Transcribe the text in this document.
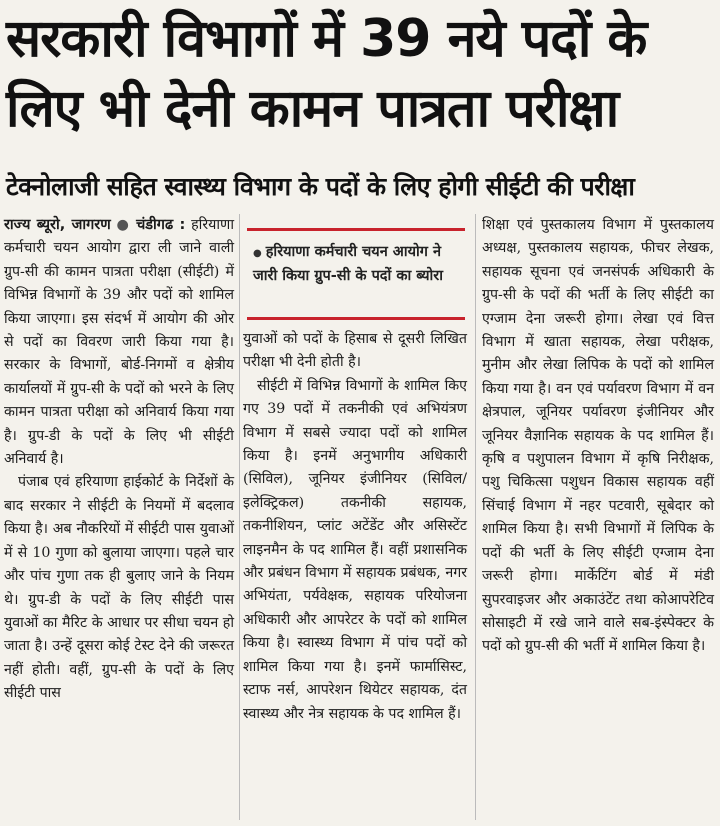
सरकारी विभागों में 39 नये पदों के लिए भी देनी कामन पात्रता परीक्षा
टेक्नोलाजी सहित स्वास्थ्य विभाग के पदों के लिए होगी सीईटी की परीक्षा

राज्य ब्यूरो, जागरण ● चंडीगढ : हरियाणा कर्मचारी चयन आयोग द्वारा ली जाने वाली ग्रुप-सी की कामन पात्रता परीक्षा (सीईटी) में विभिन्न विभागों के 39 और पदों को शामिल किया जाएगा। इस संदर्भ में आयोग की ओर से पदों का विवरण जारी किया गया है। सरकार के विभागों, बोर्ड-निगमों व क्षेत्रीय कार्यालयों में ग्रुप-सी के पदों को भरने के लिए कामन पात्रता परीक्षा को अनिवार्य किया गया है। ग्रुप-डी के पदों के लिए भी सीईटी अनिवार्य है।

पंजाब एवं हरियाणा हाईकोर्ट के निर्देशों के बाद सरकार ने सीईटी के नियमों में बदलाव किया है। अब नौकरियों में सीईटी पास युवाओं में से 10 गुणा को बुलाया जाएगा। पहले चार और पांच गुणा तक ही बुलाए जाने के नियम थे। ग्रुप-डी के पदों के लिए सीईटी पास युवाओं का मैरिट के आधार पर सीधा चयन हो जाता है। उन्हें दूसरा कोई टेस्ट देने की जरूरत नहीं होती। वहीं, ग्रुप-सी के पदों के लिए सीईटी पास

● हरियाणा कर्मचारी चयन आयोग ने जारी किया ग्रुप-सी के पदों का ब्योरा

युवाओं को पदों के हिसाब से दूसरी लिखित परीक्षा भी देनी होती है।

सीईटी में विभिन्न विभागों के शामिल किए गए 39 पदों में तकनीकी एवं अभियंत्रण विभाग में सबसे ज्यादा पदों को शामिल किया है। इनमें अनुभागीय अधिकारी (सिविल), जूनियर इंजीनियर (सिविल/इलेक्ट्रिकल) तकनीकी सहायक, तकनीशियन, प्लांट अटेंडेंट और असिस्टेंट लाइनमैन के पद शामिल हैं। वहीं प्रशासनिक और प्रबंधन विभाग में सहायक प्रबंधक, नगर अभियंता, पर्यवेक्षक, सहायक परियोजना अधिकारी और आपरेटर के पदों को शामिल किया है। स्वास्थ्य विभाग में पांच पदों को शामिल किया गया है। इनमें फार्मासिस्ट, स्टाफ नर्स, आपरेशन थियेटर सहायक, दंत स्वास्थ्य और नेत्र सहायक के पद शामिल हैं।

शिक्षा एवं पुस्तकालय विभाग में पुस्तकालय अध्यक्ष, पुस्तकालय सहायक, फीचर लेखक, सहायक सूचना एवं जनसंपर्क अधिकारी के ग्रुप-सी के पदों की भर्ती के लिए सीईटी का एग्जाम देना जरूरी होगा। लेखा एवं वित्त विभाग में खाता सहायक, लेखा परीक्षक, मुनीम और लेखा लिपिक के पदों को शामिल किया गया है। वन एवं पर्यावरण विभाग में वन क्षेत्रपाल, जूनियर पर्यावरण इंजीनियर और जूनियर वैज्ञानिक सहायक के पद शामिल हैं। कृषि व पशुपालन विभाग में कृषि निरीक्षक, पशु चिकित्सा पशुधन विकास सहायक वहीं सिंचाई विभाग में नहर पटवारी, सूबेदार को शामिल किया है। सभी विभागों में लिपिक के पदों की भर्ती के लिए सीईटी एग्जाम देना जरूरी होगा। मार्केटिंग बोर्ड में मंडी सुपरवाइजर और अकाउंटेंट तथा कोआपरेटिव सोसाइटी में रखे जाने वाले सब-इंस्पेक्टर के पदों को ग्रुप-सी की भर्ती में शामिल किया है।
